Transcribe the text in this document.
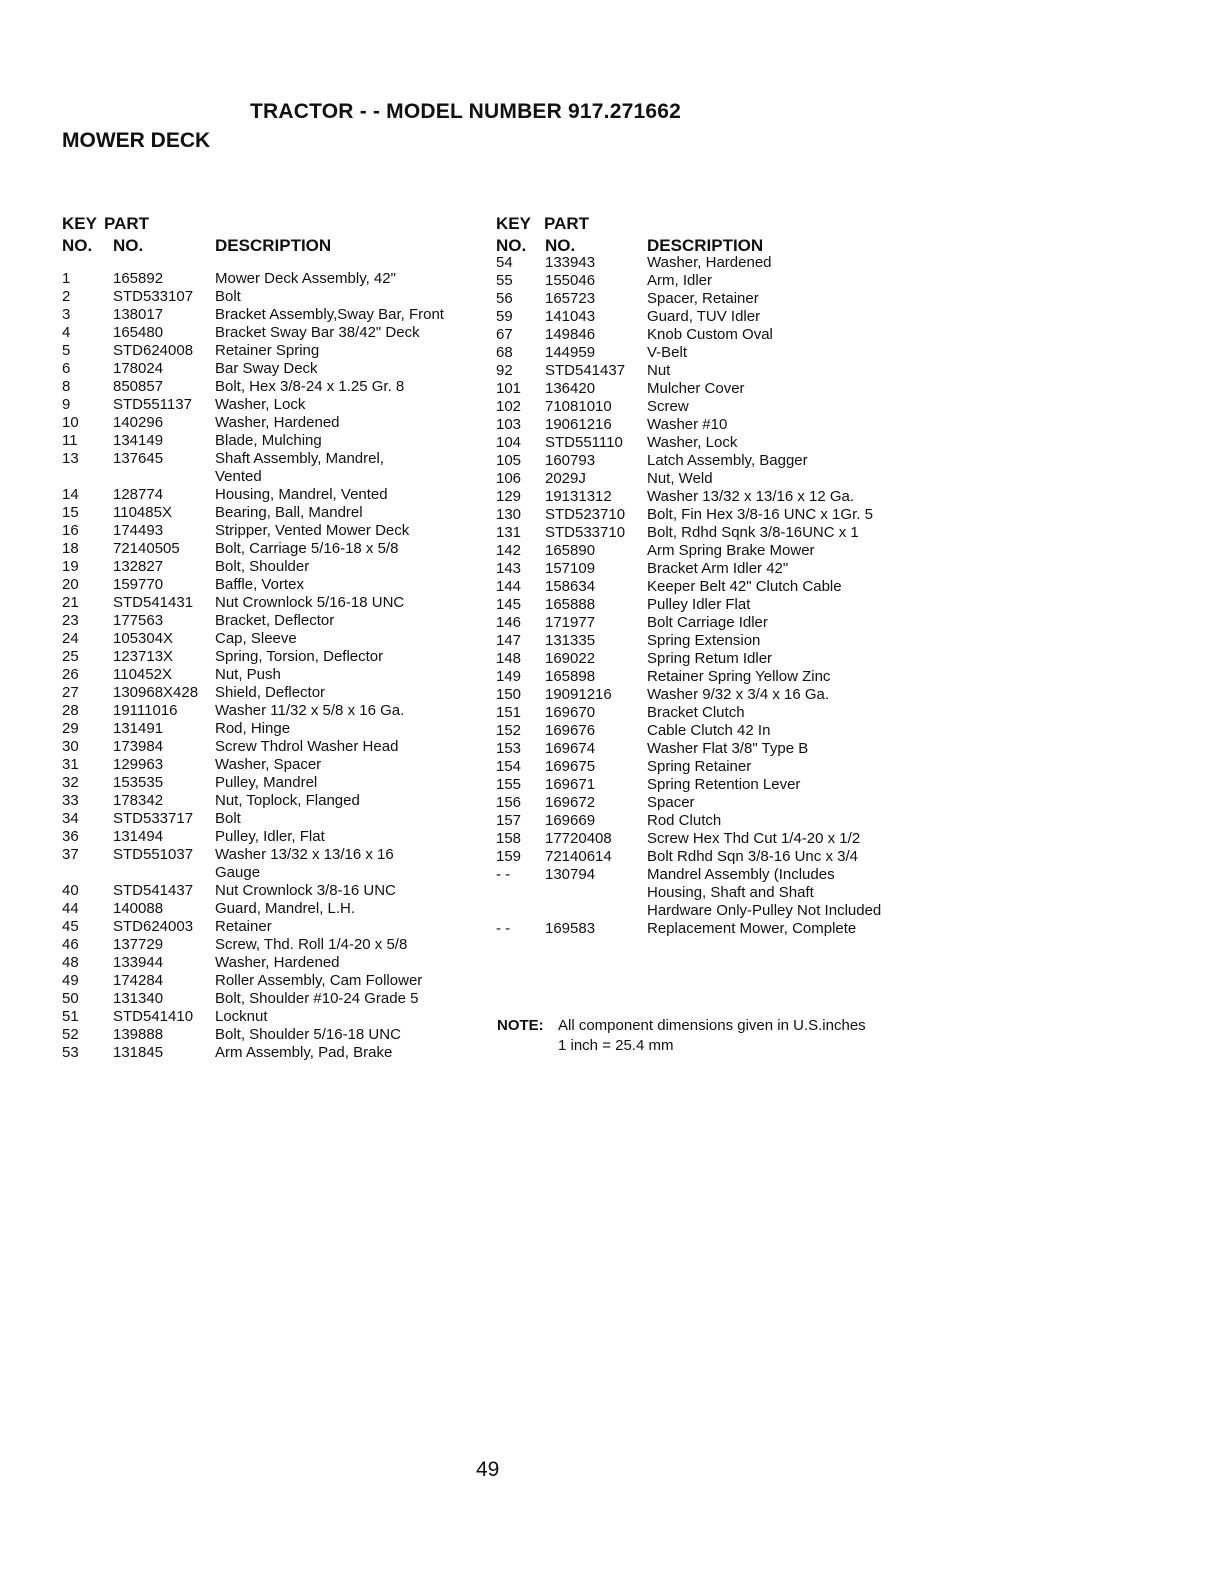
TRACTOR - - MODEL NUMBER 917.271662
MOWER DECK
KEY
NO.
PART
NO.	DESCRIPTION
1	165892	Mower Deck Assembly, 42"
2	STD533107 Bolt
3	138017	Bracket Assembly,Sway Bar, Front
4	165480	Bracket Sway Bar 38/42" Deck
5	STD624008 Retainer Spring
6	178024	Bar Sway Deck
8	850857	Bolt, Hex 3/8-24 x 1.25 Gr. 8
9	STD551137 Washer, Lock
10 140296	Washer, Hardened
11 134149	Blade, Mulching
13 137645	Shaft Assembly, Mandrel,
Vented
14 128774	Housing, Mandrel, Vented
15 110485X	Bearing, Ball, Mandrel
16 174493	Stripper, Vented Mower Deck
18 72140505 Bolt, Carriage 5/16-18 x 5/8
19 132827	Bolt, Shoulder
20 159770	Baffle, Vortex
21 STD541431 Nut Crownlock 5/16-18 UNC
23 177563	Bracket, Deflector
24 105304X	Cap, Sleeve
25 123713X	Spring, Torsion, Deflector
26 110452X	Nut, Push
27 130968X428 Shield, Deflector
28 19111016 Washer 11/32 x 5/8 x 16 Ga.
29 131491	Rod, Hinge
30 173984	Screw Thdrol Washer Head
31 129963	Washer, Spacer
32 153535	Pulley, Mandrel
33 178342	Nut, Toplock, Flanged
34 STD533717 Bolt
36 131494	Pulley, Idler, Flat
37 STD551037 Washer 13/32 x 13/16 x 16
Gauge
40 STD541437 Nut Crownlock 3/8-16 UNC
44 140088	Guard, Mandrel, L.H.
45 STD624003 Retainer
46 137729	Screw, Thd. Roll 1/4-20 x 5/8
48 133944	Washer, Hardened
49 174284	Roller Assembly, Cam Follower
50 131340	Bolt, Shoulder #10-24 Grade 5
51 STD541410 Locknut
52 139888	Bolt, Shoulder 5/16-18 UNC
53 131845	Arm Assembly, Pad, Brake
KEY
NO.
PART
NO.	DESCRIPTION
54 133943	Washer, Hardened
55 155046	Arm, Idler
56 165723	Spacer, Retainer
59 141043	Guard, TUV Idler
67 149846	Knob Custom Oval
68 144959	V-Belt
92 STD541437 Nut
101 136420	Mulcher Cover
102 71081010 Screw
103 19061216 Washer #10
104 STD551110 Washer, Lock
105 160793	Latch Assembly, Bagger
106 2029J	Nut, Weld
129 19131312 Washer 13/32 x 13/16 x 12 Ga.
130 STD523710 Bolt, Fin Hex 3/8-16 UNC x 1Gr. 5
131 STD533710 Bolt, Rdhd Sqnk 3/8-16UNC x 1
142 165890	Arm Spring Brake Mower
143 157109	Bracket Arm Idler 42"
144 158634	Keeper Belt 42" Clutch Cable
145 165888	Pulley Idler Flat
146 171977	Bolt Carriage Idler
147 131335	Spring Extension
148 169022	Spring Retum Idler
149 165898	Retainer Spring Yellow Zinc
150 19091216 Washer 9/32 x 3/4 x 16 Ga.
151 169670	Bracket Clutch
152 169676	Cable Clutch 42 In
153 169674	Washer Flat 3/8" Type B
154 169675	Spring Retainer
155 169671	Spring Retention Lever
156 169672	Spacer
157 169669	Rod Clutch
158 17720408 Screw Hex Thd Cut 1/4-20 x 1/2
159 72140614 Bolt Rdhd Sqn 3/8-16 Unc x 3/4
- - 130794	Mandrel Assembly (Includes
Housing, Shaft and Shaft
Hardware Only-Pulley Not Included
- - 169583	Replacement Mower, Complete
NOTE: All component dimensions given in U.S.inches
1 inch = 25.4 mm
49
